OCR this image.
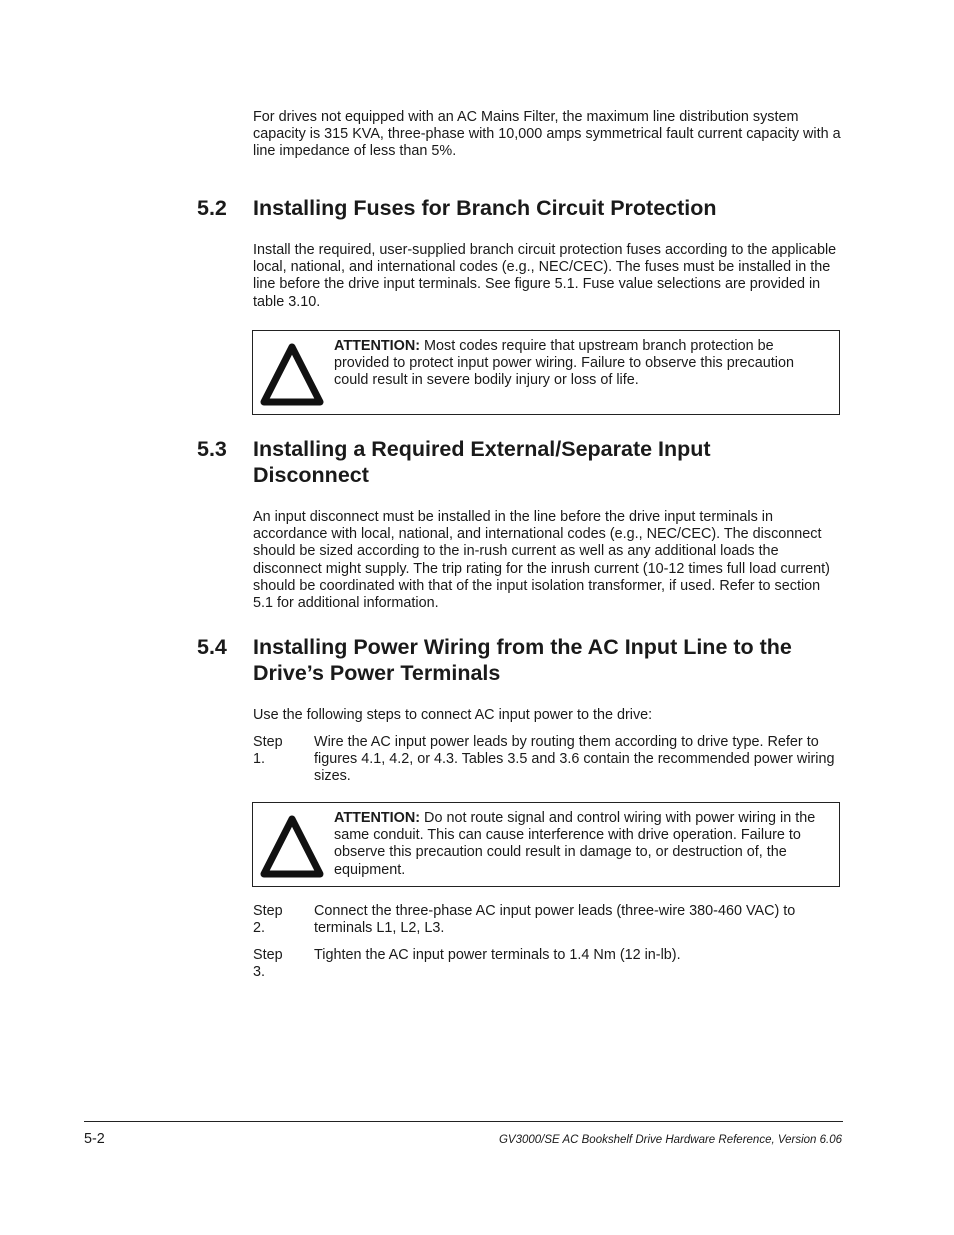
For drives not equipped with an AC Mains Filter, the maximum line distribution system capacity is 315 KVA, three-phase with 10,000 amps symmetrical fault current capacity with a line impedance of less than 5%.

5.2 Installing Fuses for Branch Circuit Protection

Install the required, user-supplied branch circuit protection fuses according to the applicable local, national, and international codes (e.g., NEC/CEC). The fuses must be installed in the line before the drive input terminals. See figure 5.1. Fuse value selections are provided in table 3.10.

ATTENTION: Most codes require that upstream branch protection be provided to protect input power wiring. Failure to observe this precaution could result in severe bodily injury or loss of life.
5.3 Installing a Required External/Separate Input Disconnect

An input disconnect must be installed in the line before the drive input terminals in accordance with local, national, and international codes (e.g., NEC/CEC). The disconnect should be sized according to the in-rush current as well as any additional loads the disconnect might supply. The trip rating for the inrush current (10-12 times full load current) should be coordinated with that of the input isolation transformer, if used. Refer to section 5.1 for additional information.

5.4 Installing Power Wiring from the AC Input Line to the Drive’s Power Terminals

Use the following steps to connect AC input power to the drive:

Step 1.
Wire the AC input power leads by routing them according to drive type. Refer to figures 4.1, 4.2, or 4.3. Tables 3.5 and 3.6 contain the recommended power wiring sizes.
ATTENTION: Do not route signal and control wiring with power wiring in the same conduit. This can cause interference with drive operation. Failure to observe this precaution could result in damage to, or destruction of, the equipment.
Step 2.
Connect the three-phase AC input power leads (three-wire 380-460 VAC) to terminals L1, L2, L3.
Step 3.
Tighten the AC input power terminals to 1.4 Nm (12 in-lb).
5-2	GV3000/SE AC Bookshelf Drive Hardware Reference, Version 6.06
